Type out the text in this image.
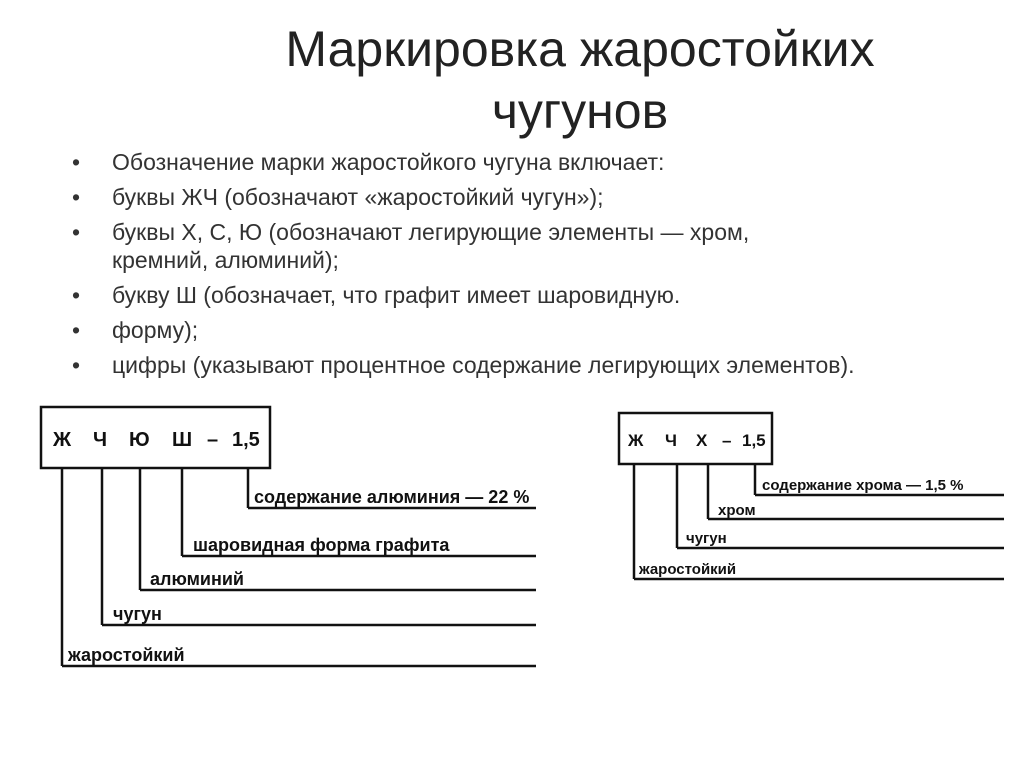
Маркировка жаростойких
чугунов
• Обозначение марки жаростойкого чугуна включает:
• буквы ЖЧ (обозначают «жаростойкий чугун»);
• буквы Х, С, Ю (обозначают легирующие элементы — хром, кремний, алюминий);
• букву Ш (обозначает, что графит имеет шаровидную.
• форму);
• цифры (указывают процентное содержание легирующих элементов).
Ж Ч Ю Ш – 1,5
содержание алюминия — 22 %
шаровидная форма графита
алюминий
чугун
жаростойкий
Ж Ч Х – 1,5
содержание хрома — 1,5 %
хром
чугун
жаростойкий
